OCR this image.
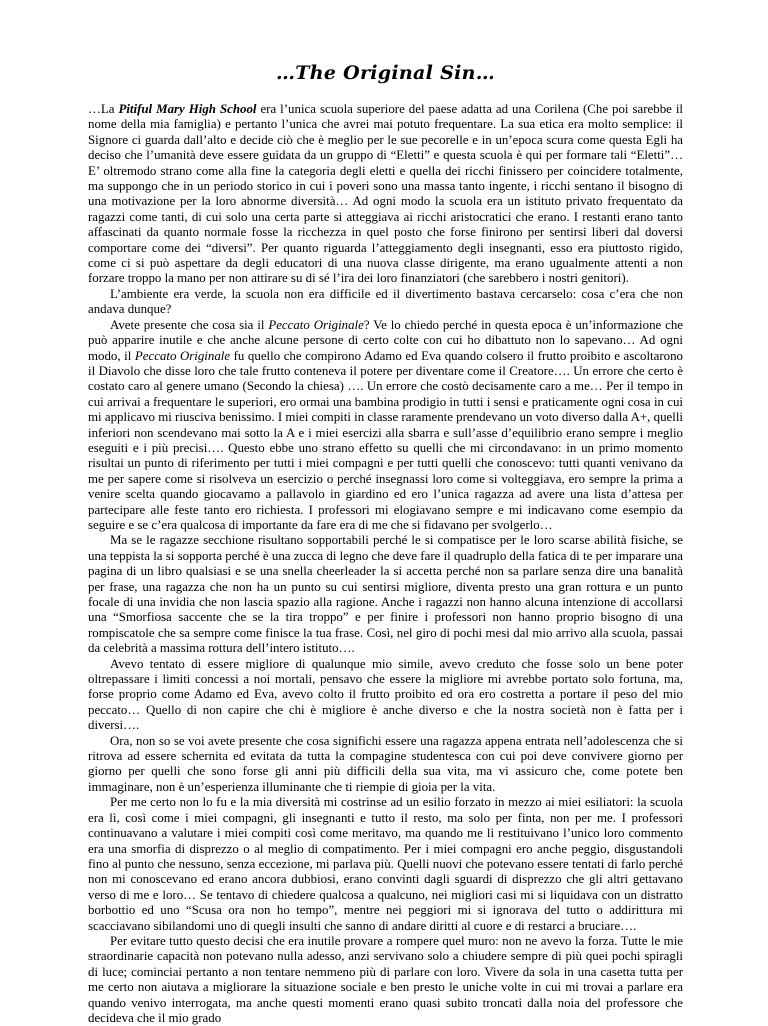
…The Original Sin…

…La Pitiful Mary High School era l’unica scuola superiore del paese adatta ad una Corilena (Che poi sarebbe il nome della mia famiglia) e pertanto l’unica che avrei mai potuto frequentare. La sua etica era molto semplice: il Signore ci guarda dall’alto e decide ciò che è meglio per le sue pecorelle e in un’epoca scura come questa Egli ha deciso che l’umanità deve essere guidata da un gruppo di “Eletti” e questa scuola è qui per formare tali “Eletti”… E’ oltremodo strano come alla fine la categoria degli eletti e quella dei ricchi finissero per coincidere totalmente, ma suppongo che in un periodo storico in cui i poveri sono una massa tanto ingente, i ricchi sentano il bisogno di una motivazione per la loro abnorme diversità… Ad ogni modo la scuola era un istituto privato frequentato da ragazzi come tanti, di cui solo una certa parte si atteggiava ai ricchi aristocratici che erano. I restanti erano tanto affascinati da quanto normale fosse la ricchezza in quel posto che forse finirono per sentirsi liberi dal doversi comportare come dei “diversi”. Per quanto riguarda l’atteggiamento degli insegnanti, esso era piuttosto rigido, come ci si può aspettare da degli educatori di una nuova classe dirigente, ma erano ugualmente attenti a non forzare troppo la mano per non attirare su di sé l’ira dei loro finanziatori (che sarebbero i nostri genitori).

L’ambiente era verde, la scuola non era difficile ed il divertimento bastava cercarselo: cosa c’era che non andava dunque?

Avete presente che cosa sia il Peccato Originale? Ve lo chiedo perché in questa epoca è un’informazione che può apparire inutile e che anche alcune persone di certo colte con cui ho dibattuto non lo sapevano… Ad ogni modo, il Peccato Originale fu quello che compirono Adamo ed Eva quando colsero il frutto proibito e ascoltarono il Diavolo che disse loro che tale frutto conteneva il potere per diventare come il Creatore…. Un errore che certo è costato caro al genere umano (Secondo la chiesa) …. Un errore che costò decisamente caro a me… Per il tempo in cui arrivai a frequentare le superiori, ero ormai una bambina prodigio in tutti i sensi e praticamente ogni cosa in cui mi applicavo mi riusciva benissimo. I miei compiti in classe raramente prendevano un voto diverso dalla A+, quelli inferiori non scendevano mai sotto la A e i miei esercizi alla sbarra e sull’asse d’equilibrio erano sempre i meglio eseguiti e i più precisi…. Questo ebbe uno strano effetto su quelli che mi circondavano: in un primo momento risultai un punto di riferimento per tutti i miei compagni e per tutti quelli che conoscevo: tutti quanti venivano da me per sapere come si risolveva un esercizio o perché insegnassi loro come si volteggiava, ero sempre la prima a venire scelta quando giocavamo a pallavolo in giardino ed ero l’unica ragazza ad avere una lista d’attesa per partecipare alle feste tanto ero richiesta. I professori mi elogiavano sempre e mi indicavano come esempio da seguire e se c’era qualcosa di importante da fare era di me che si fidavano per svolgerlo…

Ma se le ragazze secchione risultano sopportabili perché le si compatisce per le loro scarse abilità fisiche, se una teppista la si sopporta perché è una zucca di legno che deve fare il quadruplo della fatica di te per imparare una pagina di un libro qualsiasi e se una snella cheerleader la si accetta perché non sa parlare senza dire una banalità per frase, una ragazza che non ha un punto su cui sentirsi migliore, diventa presto una gran rottura e un punto focale di una invidia che non lascia spazio alla ragione. Anche i ragazzi non hanno alcuna intenzione di accollarsi una “Smorfiosa saccente che se la tira troppo” e per finire i professori non hanno proprio bisogno di una rompiscatole che sa sempre come finisce la tua frase. Così, nel giro di pochi mesi dal mio arrivo alla scuola, passai da celebrità a massima rottura dell’intero istituto….

Avevo tentato di essere migliore di qualunque mio simile, avevo creduto che fosse solo un bene poter oltrepassare i limiti concessi a noi mortali, pensavo che essere la migliore mi avrebbe portato solo fortuna, ma, forse proprio come Adamo ed Eva, avevo colto il frutto proibito ed ora ero costretta a portare il peso del mio peccato… Quello di non capire che chi è migliore è anche diverso e che la nostra società non è fatta per i diversi….

Ora, non so se voi avete presente che cosa significhi essere una ragazza appena entrata nell’adolescenza che si ritrova ad essere schernita ed evitata da tutta la compagine studentesca con cui poi deve convivere giorno per giorno per quelli che sono forse gli anni più difficili della sua vita, ma vi assicuro che, come potete ben immaginare, non è un’esperienza illuminante che ti riempie di gioia per la vita.

Per me certo non lo fu e la mia diversità mi costrinse ad un esilio forzato in mezzo ai miei esiliatori: la scuola era lì, così come i miei compagni, gli insegnanti e tutto il resto, ma solo per finta, non per me. I professori continuavano a valutare i miei compiti così come meritavo, ma quando me li restituivano l’unico loro commento era una smorfia di disprezzo o al meglio di compatimento. Per i miei compagni ero anche peggio, disgustandoli fino al punto che nessuno, senza eccezione, mi parlava più. Quelli nuovi che potevano essere tentati di farlo perché non mi conoscevano ed erano ancora dubbiosi, erano convinti dagli sguardi di disprezzo che gli altri gettavano verso di me e loro… Se tentavo di chiedere qualcosa a qualcuno, nei migliori casi mi si liquidava con un distratto borbottio ed uno “Scusa ora non ho tempo”, mentre nei peggiori mi si ignorava del tutto o addirittura mi scacciavano sibilandomi uno di quegli insulti che sanno di andare diritti al cuore e di restarci a bruciare….

Per evitare tutto questo decisi che era inutile provare a rompere quel muro: non ne avevo la forza. Tutte le mie straordinarie capacità non potevano nulla adesso, anzi servivano solo a chiudere sempre di più quei pochi spiragli di luce; cominciai pertanto a non tentare nemmeno più di parlare con loro. Vivere da sola in una casetta tutta per me certo non aiutava a migliorare la situazione sociale e ben presto le uniche volte in cui mi trovai a parlare era quando venivo interrogata, ma anche questi momenti erano quasi subito troncati dalla noia del professore che decideva che il mio grado
